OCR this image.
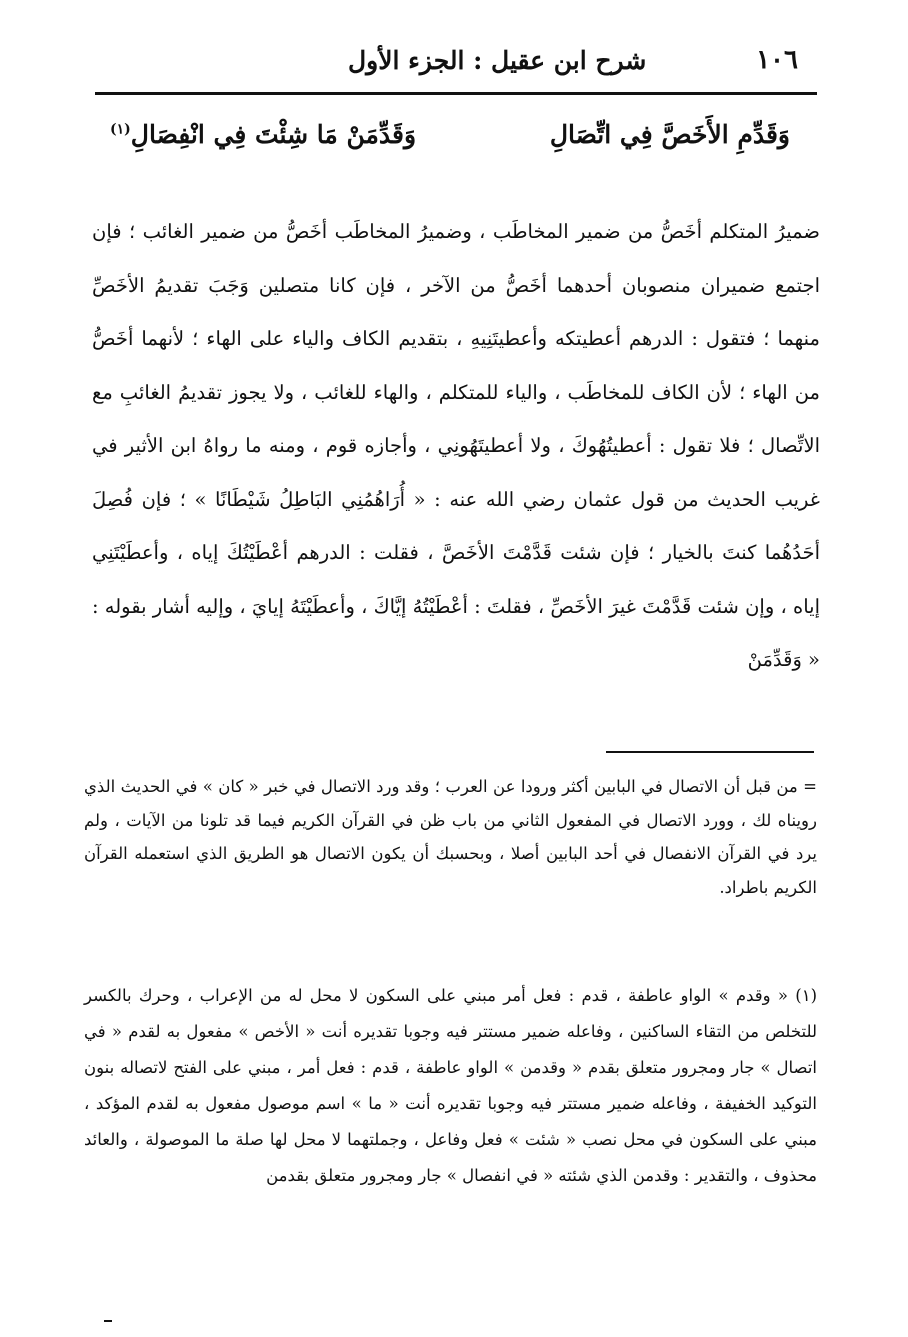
١٠٦
شرح ابن عقيل : الجزء الأول
وَقَدِّمِ الأَخَصَّ فِي اتِّصَالِ
وَقَدِّمَنْ مَا شِئْتَ فِي انْفِصَالِ$^{(١)}$

ضميرُ المتكلم أخَصُّ من ضمير المخاطَب ، وضميرُ المخاطَب أخَصُّ من ضمير الغائب ؛ فإن اجتمع ضميران منصوبان أحدهما أخَصُّ من الآخر ، فإن كانا متصلين وَجَبَ تقديمُ الأخَصِّ منهما ؛ فتقول : الدرهم أعطيتكه وأعطيتَنِيهِ ، بتقديم الكاف والياء على الهاء ؛ لأنهما أخَصُّ من الهاء ؛ لأن الكاف للمخاطَب ، والياء للمتكلم ، والهاء للغائب ، ولا يجوز تقديمُ الغائبِ مع الاتِّصال ؛ فلا تقول : أعطيتُهُوكَ ، ولا أعطيتَهُونِي ، وأجازه قوم ، ومنه ما رواهُ ابن الأثير في غريب الحديث من قول عثمان رضي الله عنه : « أُرَاهُمُنِي البَاطِلُ شَيْطَانًا » ؛ فإن فُصِلَ أحَدُهُما كنتَ بالخيار ؛ فإن شئت قَدَّمْتَ الأخَصَّ ، فقلت : الدرهم أعْطَيْتُكَ إياه ، وأعطَيْتَنِي إياه ، وإن شئت قَدَّمْتَ غيرَ الأخَصِّ ، فقلتَ : أعْطَيْتُهُ إيَّاكَ ، وأعطَيْتَهُ إيايَ ، وإليه أشار بقوله : « وَقَدِّمَنْ

= من قبل أن الاتصال في البابين أكثر ورودا عن العرب ؛ وقد ورد الاتصال في خبر « كان » في الحديث الذي رويناه لك ، وورد الاتصال في المفعول الثاني من باب ظن في القرآن الكريم فيما قد تلونا من الآيات ، ولم يرد في القرآن الانفصال في أحد البابين أصلا ، وبحسبك أن يكون الاتصال هو الطريق الذي استعمله القرآن الكريم باطراد.

(١) « وقدم » الواو عاطفة ، قدم : فعل أمر مبني على السكون لا محل له من الإعراب ، وحرك بالكسر للتخلص من التقاء الساكنين ، وفاعله ضمير مستتر فيه وجوبا تقديره أنت « الأخص » مفعول به لقدم « في اتصال » جار ومجرور متعلق بقدم « وقدمن » الواو عاطفة ، قدم : فعل أمر ، مبني على الفتح لاتصاله بنون التوكيد الخفيفة ، وفاعله ضمير مستتر فيه وجوبا تقديره أنت « ما » اسم موصول مفعول به لقدم المؤكد ، مبني على السكون في محل نصب « شئت » فعل وفاعل ، وجملتهما لا محل لها صلة ما الموصولة ، والعائد محذوف ، والتقدير : وقدمن الذي شئته « في انفصال » جار ومجرور متعلق بقدمن
